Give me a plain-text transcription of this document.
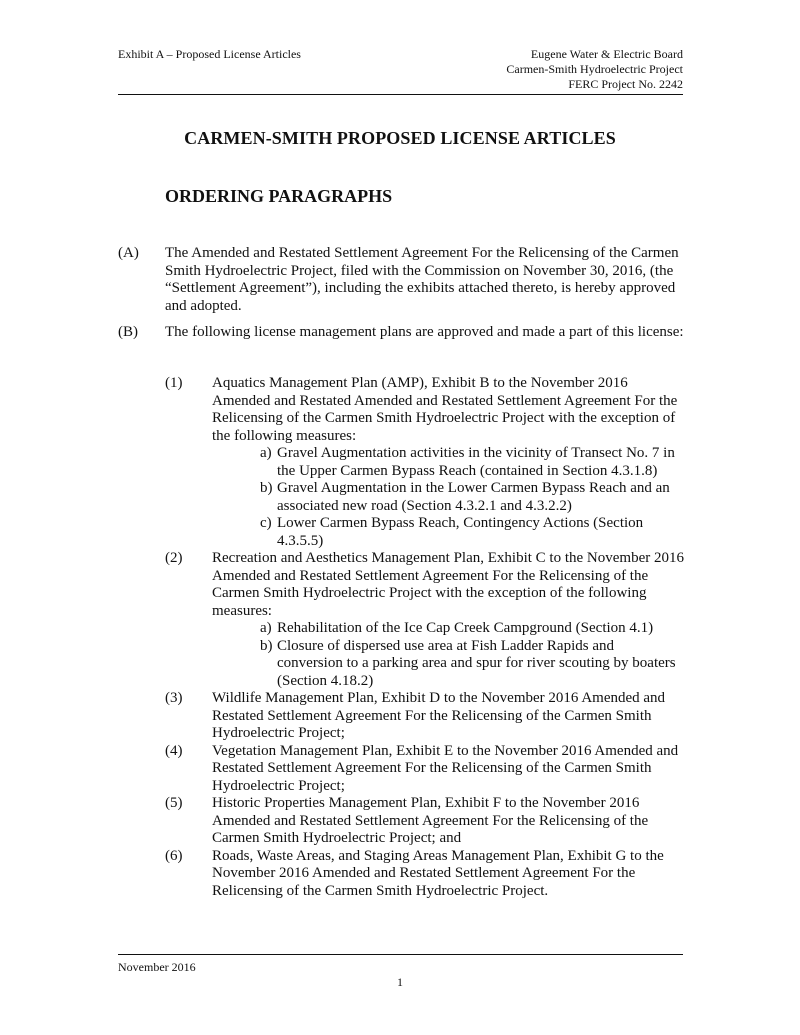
Exhibit A – Proposed License Articles	Eugene Water & Electric Board
Carmen-Smith Hydroelectric Project
FERC Project No. 2242
CARMEN-SMITH PROPOSED LICENSE ARTICLES
ORDERING PARAGRAPHS
(A) The Amended and Restated Settlement Agreement For the Relicensing of the Carmen Smith Hydroelectric Project, filed with the Commission on November 30, 2016, (the “Settlement Agreement”), including the exhibits attached thereto, is hereby approved and adopted.
(B) The following license management plans are approved and made a part of this license:
(1) Aquatics Management Plan (AMP), Exhibit B to the November 2016 Amended and Restated Amended and Restated Settlement Agreement For the Relicensing of the Carmen Smith Hydroelectric Project with the exception of the following measures:
a) Gravel Augmentation activities in the vicinity of Transect No. 7 in the Upper Carmen Bypass Reach (contained in Section 4.3.1.8)
b) Gravel Augmentation in the Lower Carmen Bypass Reach and an associated new road (Section 4.3.2.1 and 4.3.2.2)
c) Lower Carmen Bypass Reach, Contingency Actions (Section 4.3.5.5)
(2) Recreation and Aesthetics Management Plan, Exhibit C to the November 2016 Amended and Restated Settlement Agreement For the Relicensing of the Carmen Smith Hydroelectric Project with the exception of the following measures:
a) Rehabilitation of the Ice Cap Creek Campground (Section 4.1)
b) Closure of dispersed use area at Fish Ladder Rapids and conversion to a parking area and spur for river scouting by boaters (Section 4.18.2)
(3) Wildlife Management Plan, Exhibit D to the November 2016 Amended and Restated Settlement Agreement For the Relicensing of the Carmen Smith Hydroelectric Project;
(4) Vegetation Management Plan, Exhibit E to the November 2016 Amended and Restated Settlement Agreement For the Relicensing of the Carmen Smith Hydroelectric Project;
(5) Historic Properties Management Plan, Exhibit F to the November 2016 Amended and Restated Settlement Agreement For the Relicensing of the Carmen Smith Hydroelectric Project; and
(6) Roads, Waste Areas, and Staging Areas Management Plan, Exhibit G to the November 2016 Amended and Restated Settlement Agreement For the Relicensing of the Carmen Smith Hydroelectric Project.
November 2016
1
